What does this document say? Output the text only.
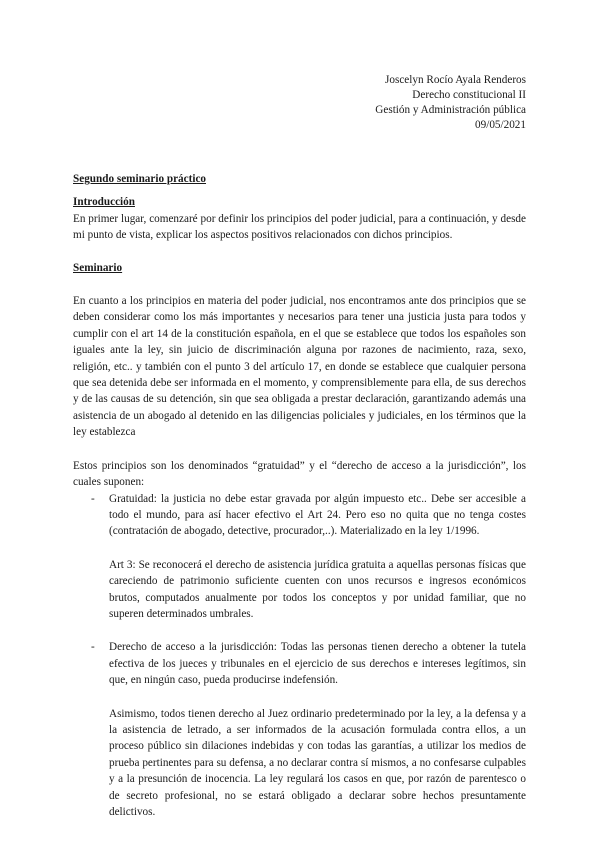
Joscelyn Rocío Ayala Renderos
Derecho constitucional II
Gestión y Administración pública
09/05/2021
Segundo seminario práctico
Introducción

En primer lugar, comenzaré por definir los principios del poder judicial, para a continuación, y desde mi punto de vista, explicar los aspectos positivos relacionados con dichos principios.

Seminario

En cuanto a los principios en materia del poder judicial, nos encontramos ante dos principios que se deben considerar como los más importantes y necesarios para tener una justicia justa para todos y cumplir con el art 14 de la constitución española, en el que se establece que todos los españoles son iguales ante la ley, sin juicio de discriminación alguna por razones de nacimiento, raza, sexo, religión, etc.. y también con el punto 3 del artículo 17, en donde se establece que cualquier persona que sea detenida debe ser informada en el momento, y comprensiblemente para ella, de sus derechos y de las causas de su detención, sin que sea obligada a prestar declaración, garantizando además una asistencia de un abogado al detenido en las diligencias policiales y judiciales, en los términos que la ley establezca

Estos principios son los denominados “gratuidad” y el “derecho de acceso a la jurisdicción”, los cuales suponen:

- Gratuidad: la justicia no debe estar gravada por algún impuesto etc.. Debe ser accesible a todo el mundo, para así hacer efectivo el Art 24. Pero eso no quita que no tenga costes (contratación de abogado, detective, procurador,..). Materializado en la ley 1/1996.

Art 3: Se reconocerá el derecho de asistencia jurídica gratuita a aquellas personas físicas que careciendo de patrimonio suficiente cuenten con unos recursos e ingresos económicos brutos, computados anualmente por todos los conceptos y por unidad familiar, que no superen determinados umbrales.

- Derecho de acceso a la jurisdicción: Todas las personas tienen derecho a obtener la tutela efectiva de los jueces y tribunales en el ejercicio de sus derechos e intereses legítimos, sin que, en ningún caso, pueda producirse indefensión.

Asimismo, todos tienen derecho al Juez ordinario predeterminado por la ley, a la defensa y a la asistencia de letrado, a ser informados de la acusación formulada contra ellos, a un proceso público sin dilaciones indebidas y con todas las garantías, a utilizar los medios de prueba pertinentes para su defensa, a no declarar contra sí mismos, a no confesarse culpables y a la presunción de inocencia. La ley regulará los casos en que, por razón de parentesco o de secreto profesional, no se estará obligado a declarar sobre hechos presuntamente delictivos.
